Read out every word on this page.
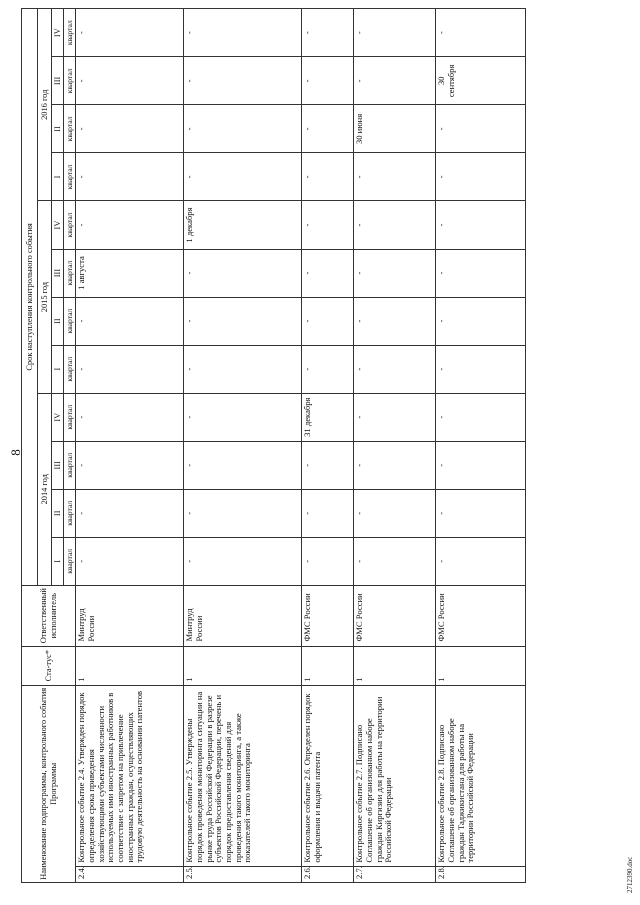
8
Наименование подпрограммы, контрольного события Программы		Ста-тус*	Ответственный исполнитель	Срок наступления контрольного события											
				2014 год				2015 год				2016 год			
				I	II	III	IV	I	II	III	IV	I	II	III	IV
				квартал	квартал	квартал	квартал	квартал	квартал	квартал	квартал	квартал	квартал	квартал	квартал
2.4.	Контрольное событие 2.4. Утвержден порядок определения срока приведения хозяйствующими субъектами численности используемых ими иностранных работников в соответствие с запретом на привлечение иностранных граждан, осуществляющих трудовую деятельность на основании патентов	1	Минтруд России	-	-	-	-	-	-	1 августа	-	-	-	-	-
2.5.	Контрольное событие 2.5. Утверждены порядок проведения мониторинга ситуации на рынке труда Российской Федерации в разрезе субъектов Российской Федерации, перечень и порядок предоставления сведений для проведения такого мониторинга, а также показателей такого мониторинга	1	Минтруд России	-	-	-	-	-	-	-	1 декабря	-	-	-	-
2.6.	Контрольное событие 2.6. Определен порядок оформления и выдачи патента	1	ФМС России	-	-	-	31 декабря	-	-	-	-	-	-	-	-
2.7.	Контрольное событие 2.7. Подписано Соглашение об организованном наборе граждан Киргизии для работы на территории Российской Федерации	1	ФМС России	-	-	-	-	-	-	-	-	-	30 июня	-	-
2.8.	Контрольное событие 2.8. Подписано Соглашение об организованном наборе граждан Таджикистана для работы на территории Российской Федерации	1	ФМС России	-	-	-	-	-	-	-	-	-	-	30 сентября	-
2712390.doc
